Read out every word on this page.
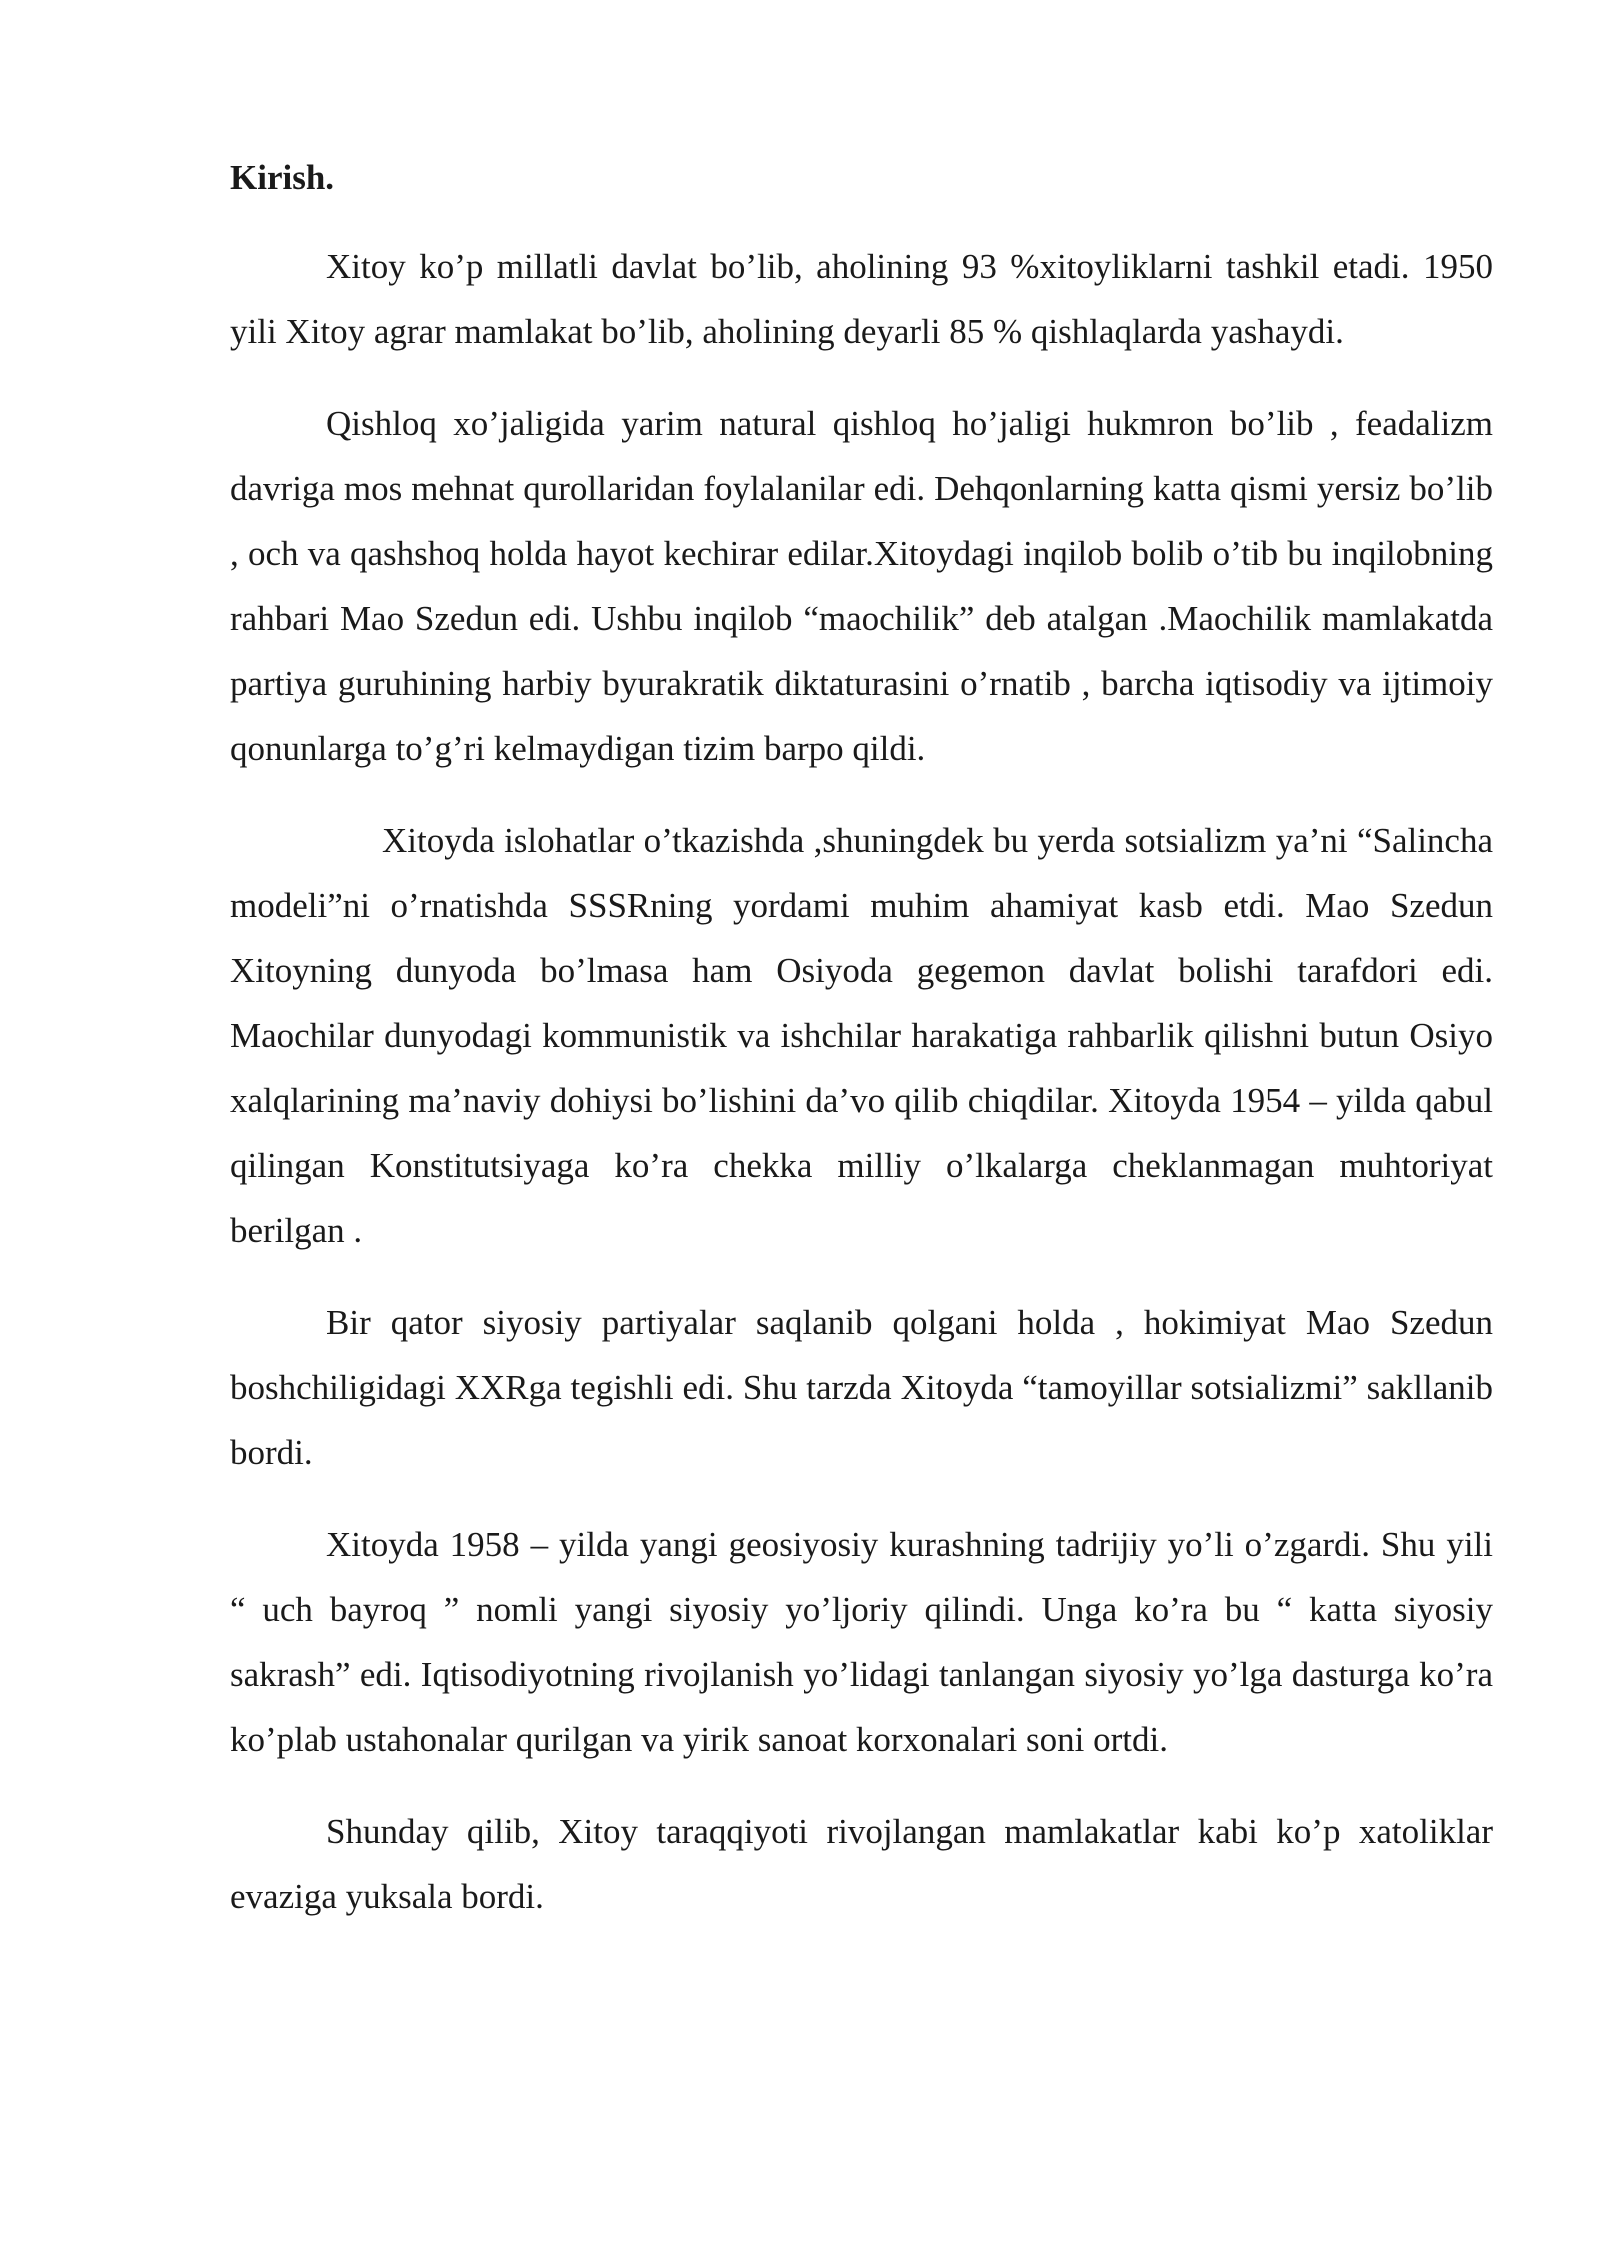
Kirish.

Xitoy ko’p millatli davlat bo’lib, aholining 93 %xitoyliklarni tashkil etadi. 1950 yili Xitoy agrar mamlakat bo’lib, aholining deyarli 85 % qishlaqlarda yashaydi.

Qishloq xo’jaligida yarim natural qishloq ho’jaligi hukmron bo’lib , feadalizm davriga mos mehnat qurollaridan foylalanilar edi. Dehqonlarning katta qismi yersiz bo’lib , och va qashshoq holda hayot kechirar edilar.Xitoydagi inqilob bolib o’tib bu inqilobning rahbari Mao Szedun edi. Ushbu inqilob “maochilik” deb atalgan .Maochilik mamlakatda partiya guruhining harbiy byurakratik diktaturasini o’rnatib , barcha iqtisodiy va ijtimoiy qonunlarga to’g’ri kelmaydigan tizim barpo qildi.

Xitoyda islohatlar o’tkazishda ,shuningdek bu yerda sotsializm ya’ni “Salincha modeli”ni o’rnatishda SSSRning yordami muhim ahamiyat kasb etdi. Mao Szedun Xitoyning dunyoda bo’lmasa ham Osiyoda gegemon davlat bolishi tarafdori edi. Maochilar dunyodagi kommunistik va ishchilar harakatiga rahbarlik qilishni butun Osiyo xalqlarining ma’naviy dohiysi bo’lishini da’vo qilib chiqdilar. Xitoyda 1954 – yilda qabul qilingan Konstitutsiyaga ko’ra chekka milliy o’lkalarga cheklanmagan muhtoriyat berilgan .

Bir qator siyosiy partiyalar saqlanib qolgani holda , hokimiyat Mao Szedun boshchiligidagi XXRga tegishli edi. Shu tarzda Xitoyda “tamoyillar sotsializmi” sakllanib bordi.

Xitoyda 1958 – yilda yangi geosiyosiy kurashning tadrijiy yo’li o’zgardi. Shu yili “ uch bayroq ” nomli yangi siyosiy yo’ljoriy qilindi. Unga ko’ra bu “ katta siyosiy sakrash” edi. Iqtisodiyotning rivojlanish yo’lidagi tanlangan siyosiy yo’lga dasturga ko’ra ko’plab ustahonalar qurilgan va yirik sanoat korxonalari soni ortdi.

Shunday qilib, Xitoy taraqqiyoti rivojlangan mamlakatlar kabi ko’p xatoliklar evaziga yuksala bordi.
